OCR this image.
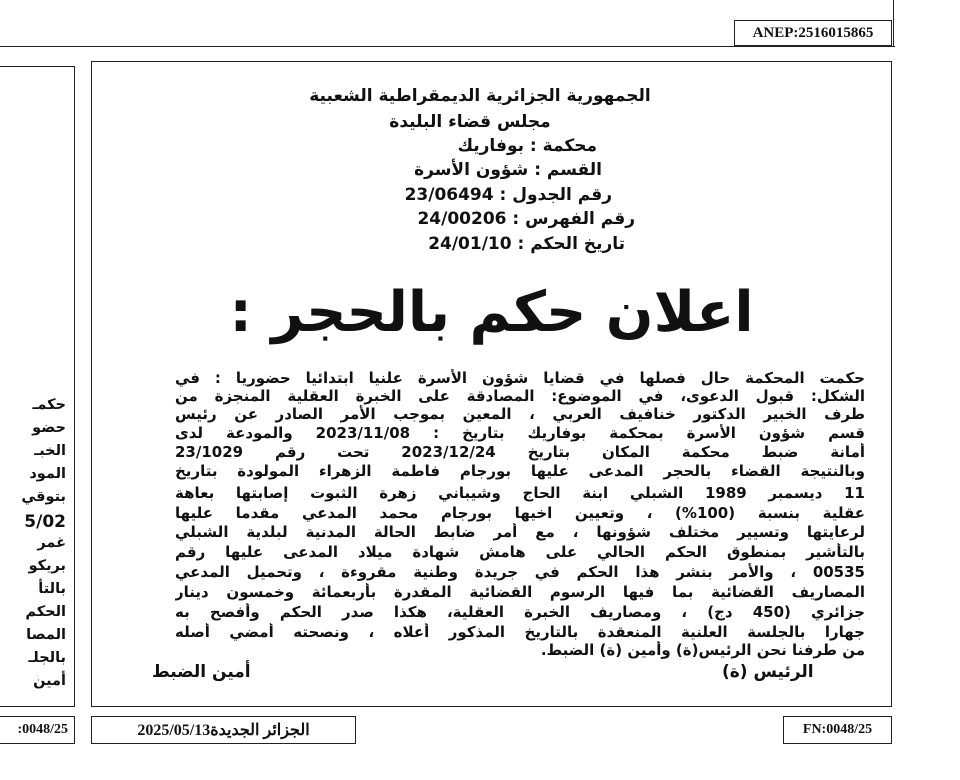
ANEP:2516015865
حكمـ
حضو
الخبـ
المود
بتوقي
5/02
غمر
بريكو
بالتأ
الحكم
المصا
بالجلـ
أمين
الجمهورية الجزائرية الديمقراطية الشعبية
مجلس قضاء البليدة
محكمة : بوفاريك
القسم : شؤون الأسرة
رقم الجدول : 23/06494
رقم الفهرس : 24/00206
تاريخ الحكم : 24/01/10
اعلان حكم بالحجر :
حكمت المحكمة حال فصلها في قضايا شؤون الأسرة علنيا ابتدائيا حضوريا : في
الشكل: قبول الدعوى، في الموضوع: المصادقة على الخبرة العقلية المنجزة من
طرف الخبير الدكتور خنافيف العربي ، المعين بموجب الأمر الصادر عن رئيس
قسم شؤون الأسرة بمحكمة بوفاريك بتاريخ : 2023/11/08 والمودعة لدى
أمانة ضبط محكمة المكان بتاريخ 2023/12/24 تحت رقم 23/1029
وبالنتيجة القضاء بالحجر المدعى عليها بورجام فاطمة الزهراء المولودة بتاريخ
11 ديسمبر 1989 الشبلي ابنة الحاج وشيباني زهرة الثبوت إصابتها بعاهة
عقلية بنسبة (100%) ، وتعيين اخيها بورجام محمد المدعي مقدما عليها
لرعايتها وتسيير مختلف شؤونها ، مع أمر ضابط الحالة المدنية لبلدية الشبلي
بالتأشير بمنطوق الحكم الحالي على هامش شهادة ميلاد المدعى عليها رقم
00535 ، والأمر بنشر هذا الحكم في جريدة وطنية مقروءة ، وتحميل المدعي
المصاريف القضائية بما فيها الرسوم القضائية المقدرة بأربعمائة وخمسون دينار
جزائري (450 دج) ، ومصاريف الخبرة العقلية، هكذا صدر الحكم وأفصح به
جهارا بالجلسة العلنية المنعقدة بالتاريخ المذكور أعلاه ، ونصحته أمضي أصله
من طرفنا نحن الرئيس(ة) وأمين (ة) الضبط.
الرئيس (ة)
أمين الضبط
:0048/25	الجزائر الجديدة2025/05/13	FN:0048/25
